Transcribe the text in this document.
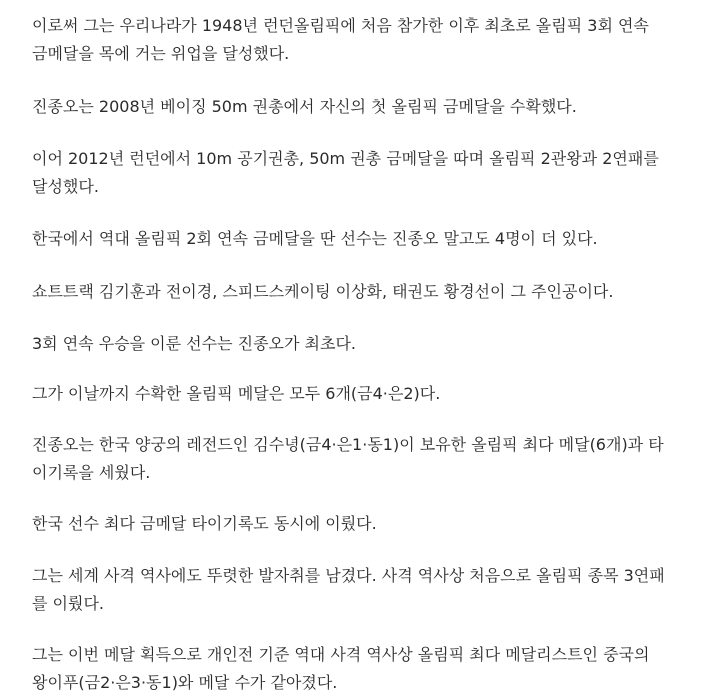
이로써 그는 우리나라가 1948년 런던올림픽에 처음 참가한 이후 최초로 올림픽 3회 연속
금메달을 목에 거는 위업을 달성했다.

진종오는 2008년 베이징 50m 권총에서 자신의 첫 올림픽 금메달을 수확했다.

이어 2012년 런던에서 10m 공기권총, 50m 권총 금메달을 따며 올림픽 2관왕과 2연패를
달성했다.

한국에서 역대 올림픽 2회 연속 금메달을 딴 선수는 진종오 말고도 4명이 더 있다.

쇼트트랙 김기훈과 전이경, 스피드스케이팅 이상화, 태권도 황경선이 그 주인공이다.

3회 연속 우승을 이룬 선수는 진종오가 최초다.

그가 이날까지 수확한 올림픽 메달은 모두 6개(금4·은2)다.

진종오는 한국 양궁의 레전드인 김수녕(금4·은1·동1)이 보유한 올림픽 최다 메달(6개)과 타
이기록을 세웠다.

한국 선수 최다 금메달 타이기록도 동시에 이뤘다.

그는 세계 사격 역사에도 뚜렷한 발자취를 남겼다. 사격 역사상 처음으로 올림픽 종목 3연패
를 이뤘다.

그는 이번 메달 획득으로 개인전 기준 역대 사격 역사상 올림픽 최다 메달리스트인 중국의
왕이푸(금2·은3·동1)와 메달 수가 같아졌다.
